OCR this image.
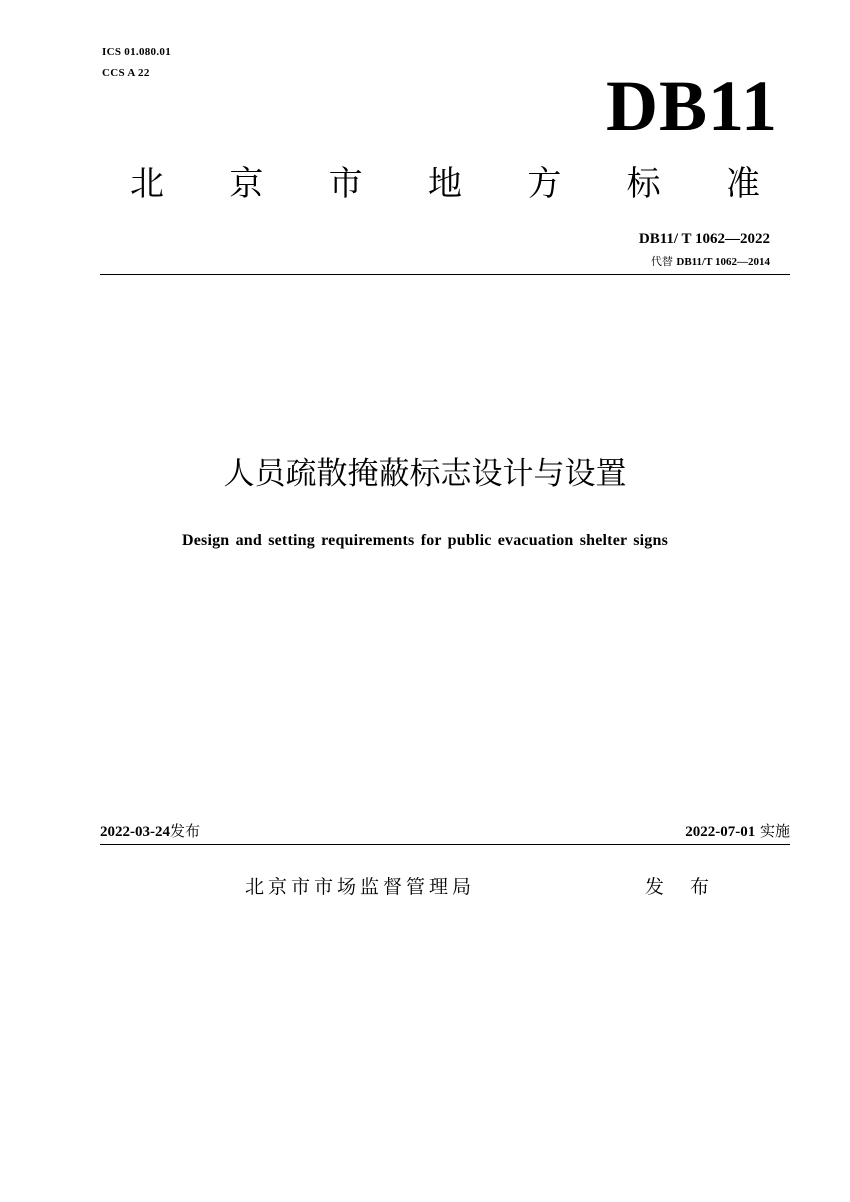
ICS 01.080.01
CCS A 22	DB11
北 京 市 地 方 标 准
DB11/ T 1062—2022
代替 DB11/T 1062—2014
人员疏散掩蔽标志设计与设置
Design and setting requirements for public evacuation shelter signs
2022-03-24发布	2022-07-01 实施
北京市市场监督管理局	发 布
